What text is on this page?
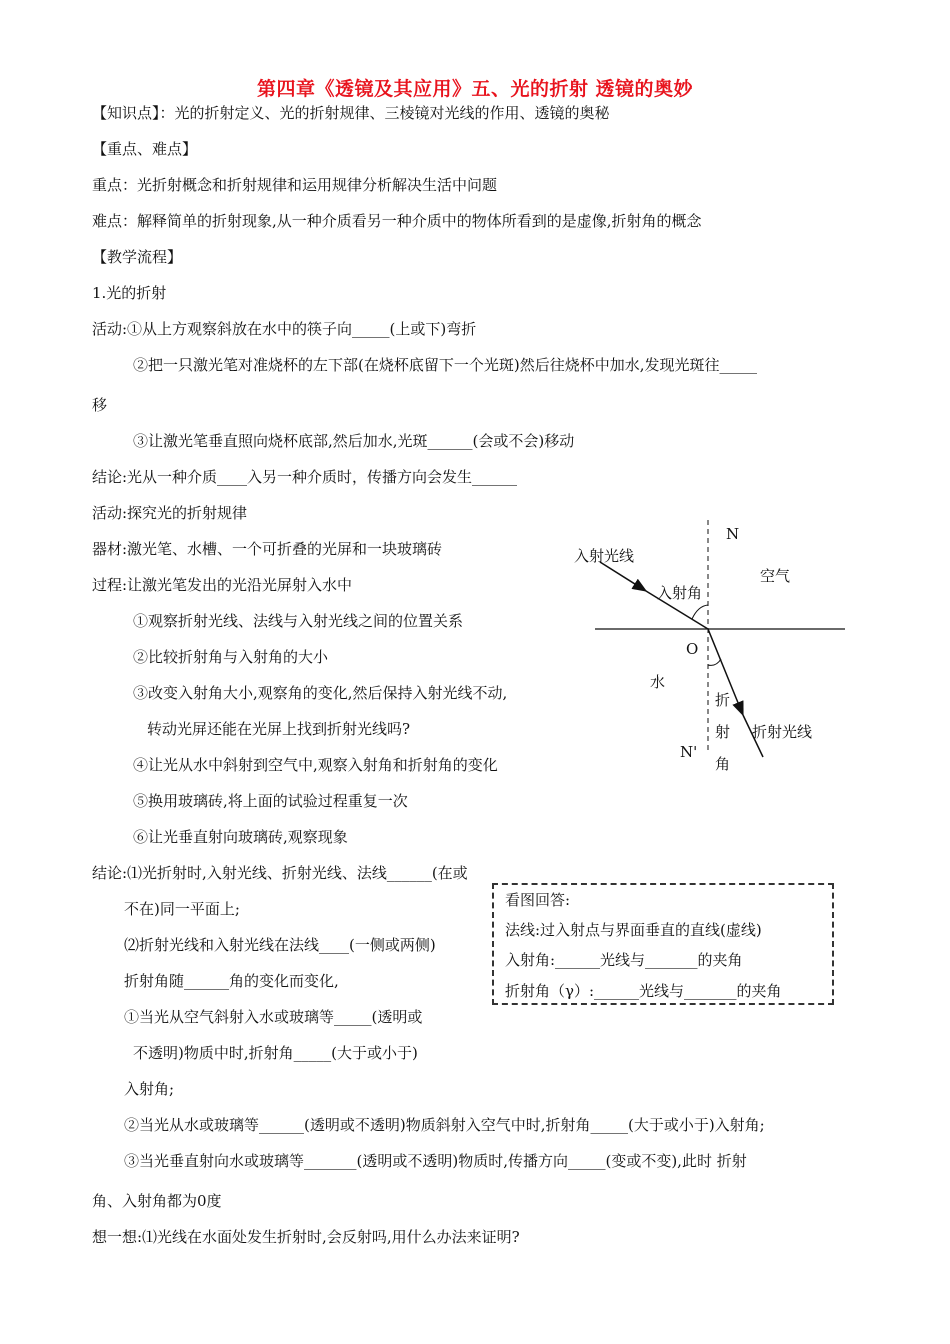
第四章《透镜及其应用》五、光的折射 透镜的奥妙
【知识点】：光的折射定义、光的折射规律、三棱镜对光线的作用、透镜的奥秘
【重点、难点】
重点：光折射概念和折射规律和运用规律分析解决生活中问题
难点：解释简单的折射现象,从一种介质看另一种介质中的物体所看到的是虚像,折射角的概念
【教学流程】
1.光的折射
活动:①从上方观察斜放在水中的筷子向_____(上或下)弯折
②把一只激光笔对准烧杯的左下部(在烧杯底留下一个光斑)然后往烧杯中加水,发现光斑往_____
移
③让激光笔垂直照向烧杯底部,然后加水,光斑______(会或不会)移动
结论:光从一种介质____入另一种介质时，传播方向会发生______
活动:探究光的折射规律
器材:激光笔、水槽、一个可折叠的光屏和一块玻璃砖
过程:让激光笔发出的光沿光屏射入水中
①观察折射光线、法线与入射光线之间的位置关系
②比较折射角与入射角的大小
③改变入射角大小,观察角的变化,然后保持入射光线不动,
转动光屏还能在光屏上找到折射光线吗?
④让光从水中斜射到空气中,观察入射角和折射角的变化
⑤换用玻璃砖,将上面的试验过程重复一次
⑥让光垂直射向玻璃砖,观察现象
结论:⑴光折射时,入射光线、折射光线、法线______(在或
不在)同一平面上;
⑵折射光线和入射光线在法线____(一侧或两侧)
折射角随______角的变化而变化,
①当光从空气斜射入水或玻璃等_____(透明或
不透明)物质中时,折射角_____(大于或小于)
入射角;
②当光从水或玻璃等______(透明或不透明)物质斜射入空气中时,折射角_____(大于或小于)入射角;
③当光垂直射向水或玻璃等_______(透明或不透明)物质时,传播方向_____(变或不变),此时 折射
角、入射角都为0度
想一想:⑴光线在水面处发生折射时,会反射吗,用什么办法来证明?
看图回答:
法线:过入射点与界面垂直的直线(虚线)
入射角:______光线与_______的夹角
折射角（γ）:______光线与_______的夹角
N
入射光线
空气
入射角
O
水
折
射 折射光线
N'
角
